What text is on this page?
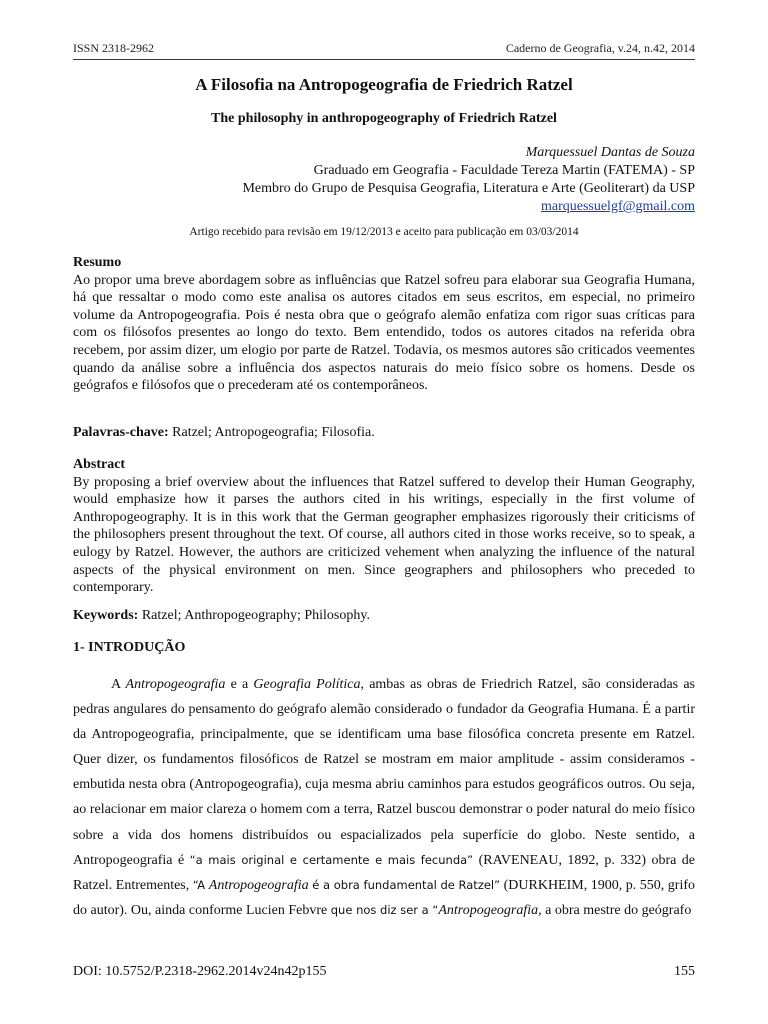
ISSN 2318-2962	Caderno de Geografia, v.24, n.42, 2014
A Filosofia na Antropogeografia de Friedrich Ratzel
The philosophy in anthropogeography of Friedrich Ratzel
Marquessuel Dantas de Souza
Graduado em Geografia - Faculdade Tereza Martin (FATEMA) - SP
Membro do Grupo de Pesquisa Geografia, Literatura e Arte (Geoliterart) da USP
marquessuelgf@gmail.com
Artigo recebido para revisão em 19/12/2013 e aceito para publicação em 03/03/2014
Resumo
Ao propor uma breve abordagem sobre as influências que Ratzel sofreu para elaborar sua Geografia Humana, há que ressaltar o modo como este analisa os autores citados em seus escritos, em especial, no primeiro volume da Antropogeografia. Pois é nesta obra que o geógrafo alemão enfatiza com rigor suas críticas para com os filósofos presentes ao longo do texto. Bem entendido, todos os autores citados na referida obra recebem, por assim dizer, um elogio por parte de Ratzel. Todavia, os mesmos autores são criticados veementes quando da análise sobre a influência dos aspectos naturais do meio físico sobre os homens. Desde os geógrafos e filósofos que o precederam até os contemporâneos.
Palavras-chave: Ratzel; Antropogeografia; Filosofia.
Abstract
By proposing a brief overview about the influences that Ratzel suffered to develop their Human Geography, would emphasize how it parses the authors cited in his writings, especially in the first volume of Anthropogeography. It is in this work that the German geographer emphasizes rigorously their criticisms of the philosophers present throughout the text. Of course, all authors cited in those works receive, so to speak, a eulogy by Ratzel. However, the authors are criticized vehement when analyzing the influence of the natural aspects of the physical environment on men. Since geographers and philosophers who preceded to contemporary.
Keywords: Ratzel; Anthropogeography; Philosophy.
1- INTRODUÇÃO
A Antropogeografia e a Geografia Política, ambas as obras de Friedrich Ratzel, são consideradas as pedras angulares do pensamento do geógrafo alemão considerado o fundador da Geografia Humana. É a partir da Antropogeografia, principalmente, que se identificam uma base filosófica concreta presente em Ratzel. Quer dizer, os fundamentos filosóficos de Ratzel se mostram em maior amplitude - assim consideramos - embutida nesta obra (Antropogeografia), cuja mesma abriu caminhos para estudos geográficos outros. Ou seja, ao relacionar em maior clareza o homem com a terra, Ratzel buscou demonstrar o poder natural do meio físico sobre a vida dos homens distribuídos ou espacializados pela superfície do globo. Neste sentido, a Antropogeografia é “a mais original e certamente e mais fecunda” (RAVENEAU, 1892, p. 332) obra de Ratzel. Entrementes, “A Antropogeografia é a obra fundamental de Ratzel” (DURKHEIM, 1900, p. 550, grifo do autor). Ou, ainda conforme Lucien Febvre que nos diz ser a “Antropogeografia, a obra mestre do geógrafo
DOI: 10.5752/P.2318-2962.2014v24n42p155	155
